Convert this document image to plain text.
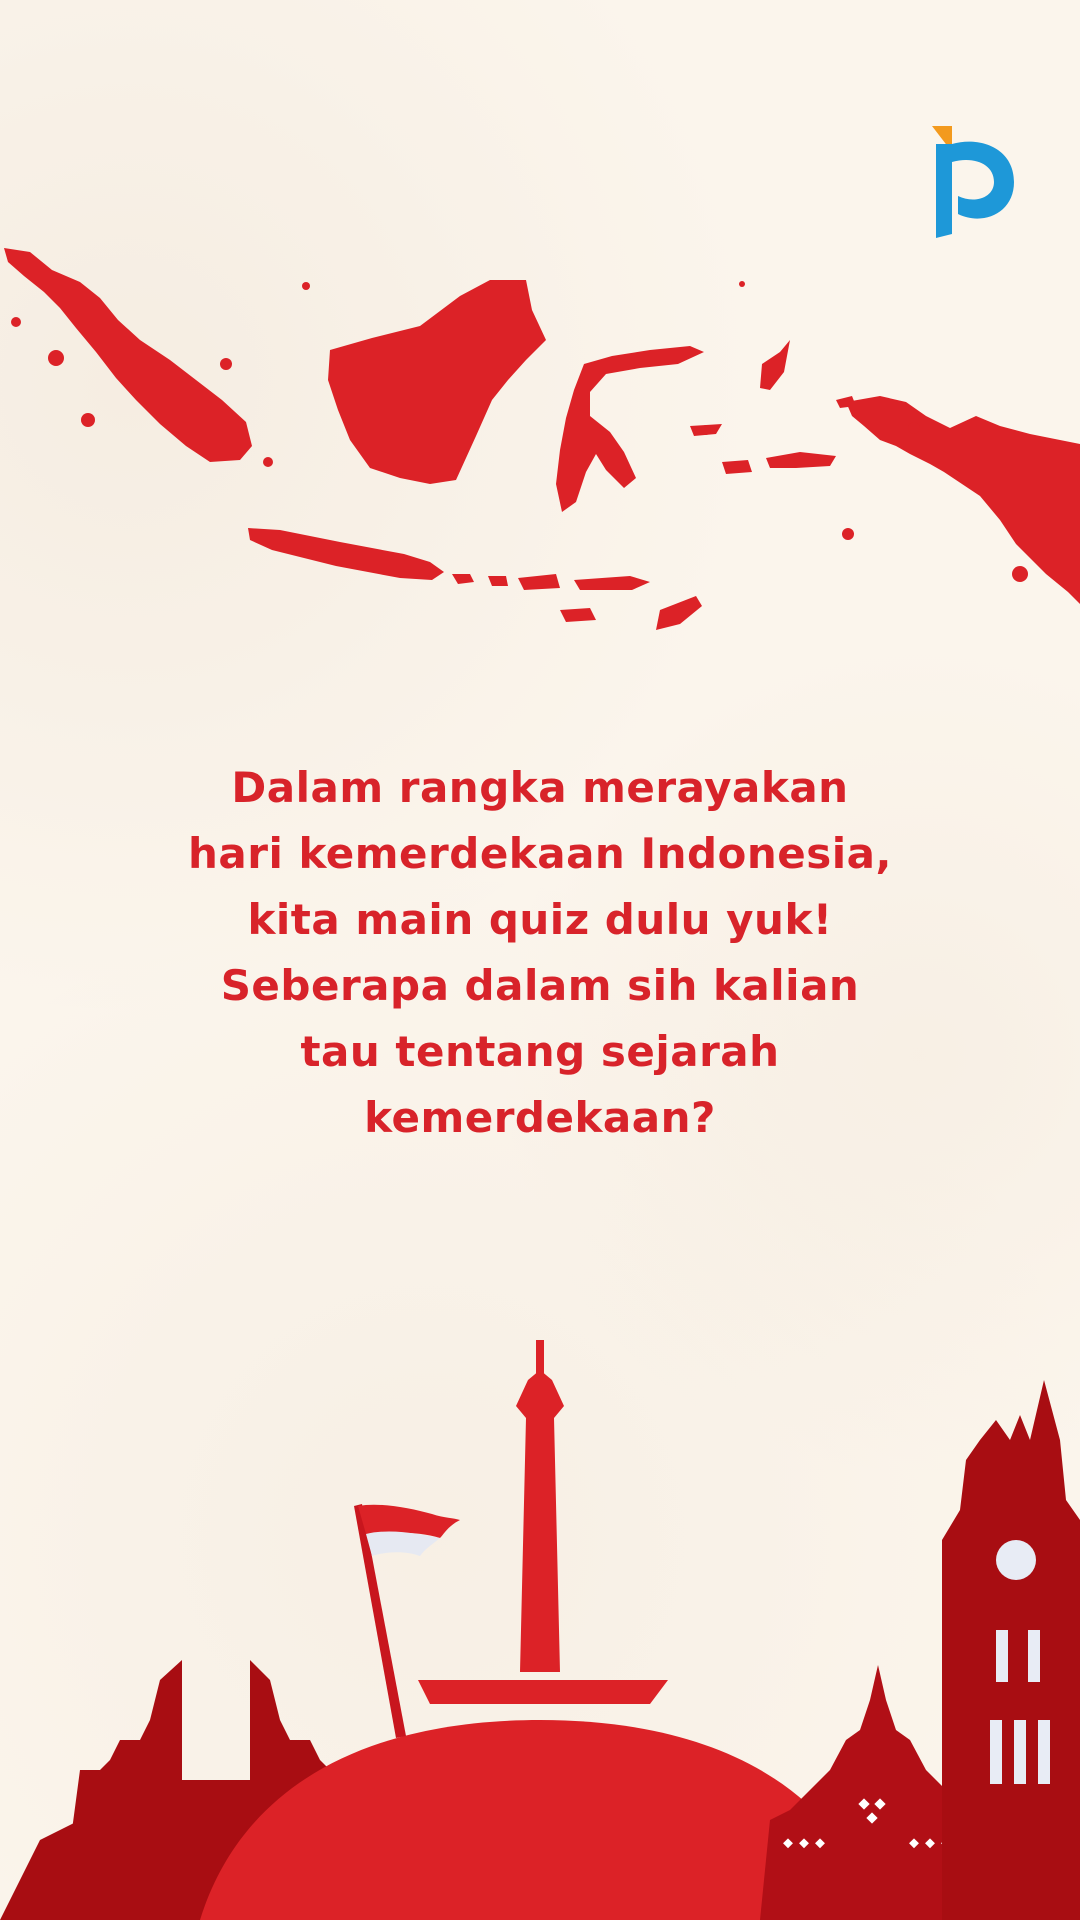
Dalam rangka merayakan
hari kemerdekaan Indonesia,
kita main quiz dulu yuk!
Seberapa dalam sih kalian
tau tentang sejarah
kemerdekaan?
